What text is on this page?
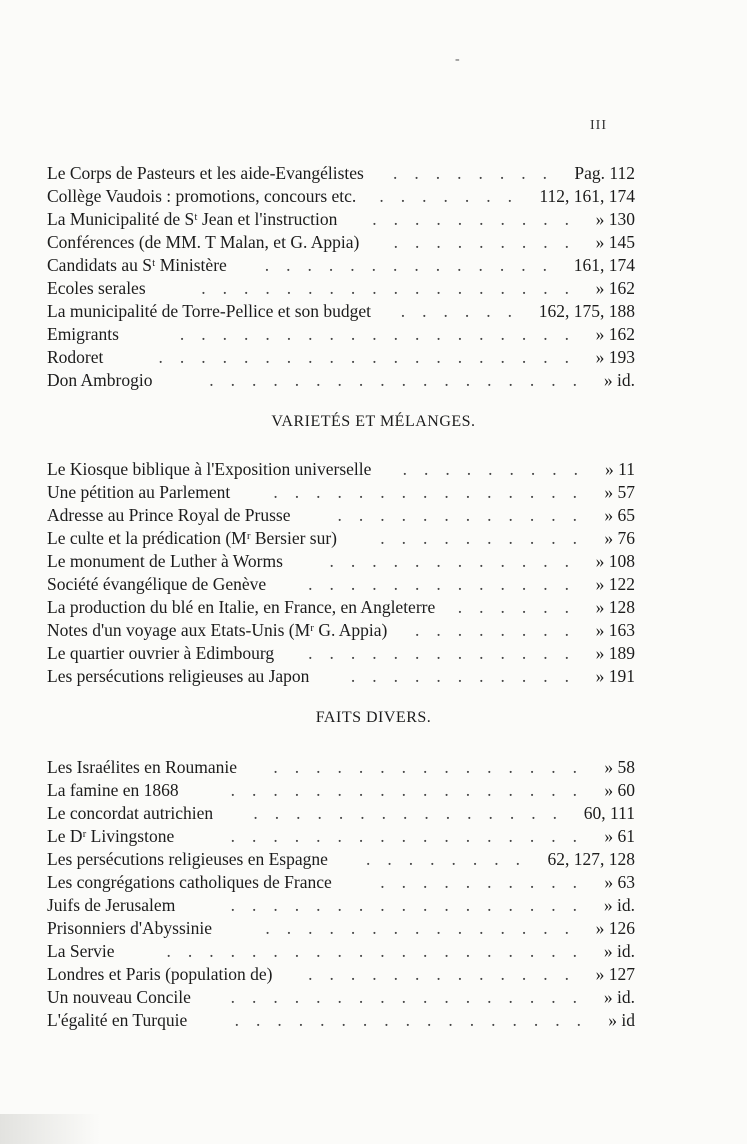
-
III
Le Corps de Pasteurs et les aide-Evangélistes	Pag. 112
........
Collège Vaudois : promotions, concours etc.	112, 161, 174
.......
La Municipalité de Sᵗ Jean et l'instruction	» 130
..........
Conférences (de MM. T Malan, et G. Appia)	» 145
.........
Candidats au Sᵗ Ministère	161, 174
..............
Ecoles serales	» 162
..................
La municipalité de Torre-Pellice et son budget	162, 175, 188
......
Emigrants	» 162
...................
Rodoret	» 193
....................
Don Ambrogio	» id.
..................
VARIETÉS ET MÉLANGES.
Le Kiosque biblique à l'Exposition universelle	» 11
.........
Une pétition au Parlement	» 57
...............
Adresse au Prince Royal de Prusse	» 65
............
Le culte et la prédication (Mʳ Bersier sur)	» 76
..........
Le monument de Luther à Worms	» 108
............
Société évangélique de Genève	» 122
.............
La production du blé en Italie, en France, en Angleterre	» 128
......
Notes d'un voyage aux Etats-Unis (Mʳ G. Appia)	» 163
........
Le quartier ouvrier à Edimbourg	» 189
.............
Les persécutions religieuses au Japon	» 191
...........
FAITS DIVERS.
Les Israélites en Roumanie	» 58
...............
La famine en 1868	» 60
.................
Le concordat autrichien	60, 111
...............
Le Dʳ Livingstone	» 61
.................
Les persécutions religieuses en Espagne	62, 127, 128
........
Les congrégations catholiques de France	» 63
..........
Juifs de Jerusalem	» id.
.................
Prisonniers d'Abyssinie	» 126
...............
La Servie	» id.
....................
Londres et Paris (population de)	» 127
.............
Un nouveau Concile	» id.
.................
L'égalité en Turquie	» id
.................
